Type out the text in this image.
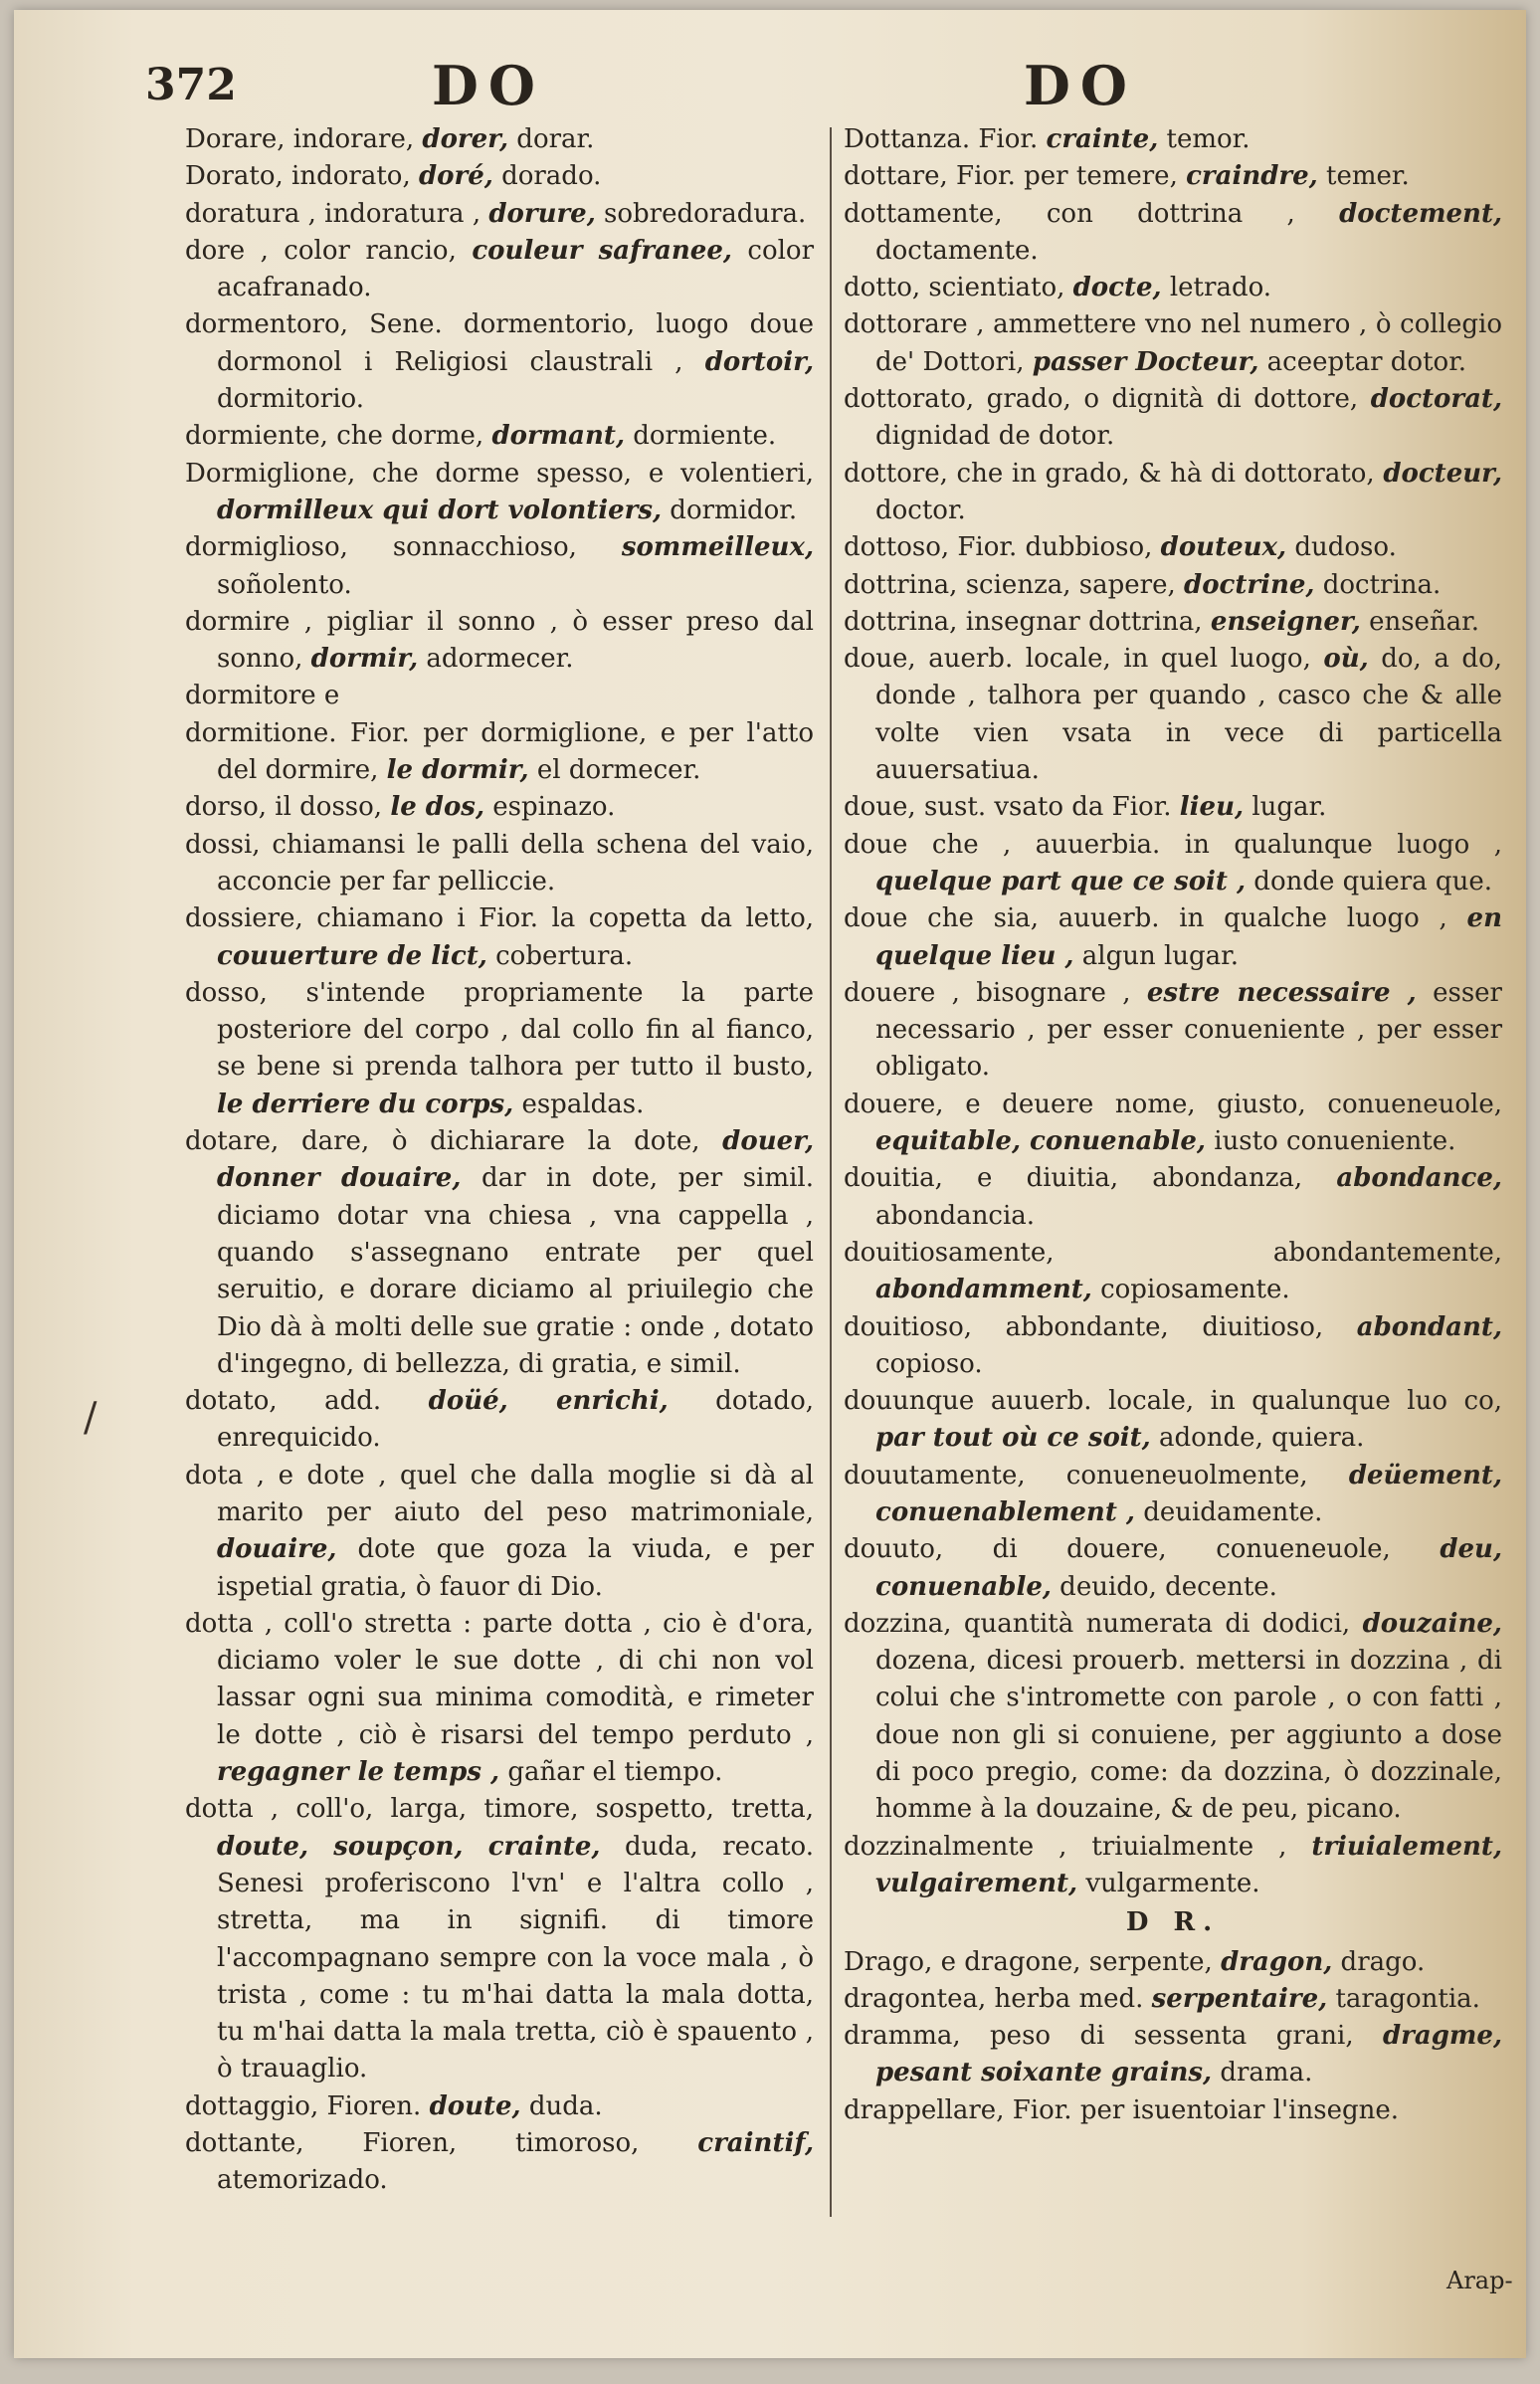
372	DO	DO

Dorare, indorare, dorer, dorar.

Dorato, indorato, doré, dorado.

doratura , indoratura , dorure, sobredoradura.

dore , color rancio, couleur safranee, color acafranado.

dormentoro, Sene. dormentorio, luogo doue dormonol i Religiosi claustrali , dortoir, dormitorio.

dormiente, che dorme, dormant, dormiente.

Dormiglione, che dorme spesso, e volentieri, dormilleux qui dort volontiers, dormidor.

dormigliosо, sonnacchioso, sommeilleux, soñolento.

dormire , pigliar il sonno , ò esser preso dal sonno, dormir, adormecer.

dormitore e

dormitione. Fior. per dormiglione, e per l'atto del dormire, le dormir, el dormecer.

dorso, il dosso, le dos, espinazo.

dossi, chiamansi le palli della schena del vaio, acconcie per far pelliccie.

dossiere, chiamano i Fior. la copetta da letto, couuerture de lict, cobertura.

dosso, s'intende propriamente la parte posteriore del corpo , dal collo fin al fianco, se bene si prenda talhora per tutto il busto, le derriere du corps, espaldas.

dotare, dare, ò dichiarare la dote, douer, donner douaire, dar in dote, per simil. diciamo dotar vna chiesa , vna cappella , quando s'assegnano entrate per quel seruitio, e dorare diciamo al priuilegio che Dio dà à molti delle sue gratie : onde , dotato d'ingegno, di bellezza, di gratia, e simil.

dotato, add. doüé, enrichi, dotado, enrequicido.

dota , e dote , quel che dalla moglie si dà al marito per aiuto del peso matrimoniale, douaire, dote que goza la viuda, e per ispetial gratia, ò fauor di Dio.

dotta , coll'o stretta : parte dotta , cio è d'ora, diciamo voler le sue dotte , di chi non vol lassar ogni sua minima comodità, e rimeter le dotte , ciò è risarsi del tempo perduto , regagner le temps , gañar el tiempo.

dotta , coll'o, larga, timore, sospetto, tretta, doute, soupçon, crainte, duda, recato. Senesi proferiscono l'vn' e l'altra collo , stretta, ma in signifi. di timore l'accompagnano sempre con la voce mala , ò trista , come : tu m'hai datta la mala dotta, tu m'hai datta la mala tretta, ciò è spauento , ò trauaglio.

dottaggio, Fioren. doute, duda.

dottante, Fioren, timoroso, craintif, atemorizado.

Dottanza. Fior. crainte, temor.

dottare, Fior. per temere, craindre, temer.

dottamente, con dottrina , doctement, doctamente.

dotto, scientiato, docte, letrado.

dottorare , ammettere vno nel numero , ò collegio de' Dottori, passer Docteur, aceeptar dotor.

dottorato, grado, o dignità di dottore, doctorat, dignidad de dotor.

dottore, che in grado, & hà di dottorato, docteur, doctor.

dottoso, Fior. dubbioso, douteux, dudoso.

dottrina, scienza, sapere, doctrine, doctrina.

dottrina, insegnar dottrina, enseigner, enseñar.

doue, auerb. locale, in quel luogo, où, do, a do, donde , talhora per quando , casco che & alle volte vien vsata in vece di particella auuersatiua.

doue, sust. vsato da Fior. lieu, lugar.

doue che , auuerbia. in qualunque luogo , quelque part que ce soit , donde quiera que.

doue che sia, auuerb. in qualche luogo , en quelque lieu , algun lugar.

douere , bisognare , estre necessaire , esser necessario , per esser conueniente , per esser obligato.

douere, e deuere nome, giusto, conueneuole, equitable, conuenable, iusto conueniente.

douitia, e diuitia, abondanza, abondance, abondancia.

douitiosamente, abondantemente, abondamment, copiosamente.

douitioso, abbondante, diuitioso, abondant, copioso.

douunque auuerb. locale, in qualunque luo co, par tout où ce soit, adonde, quiera.

douutamente, conueneuolmente, deüement, conuenablement , deuidamente.

douuto, di douere, conueneuole, deu, conuenable, deuido, decente.

dozzina, quantità numerata di dodici, douzaine, dozena, dicesi prouerb. mettersi in dozzina , di colui che s'intromette con parole , o con fatti , doue non gli si conuiene, per aggiunto a dose di poco pregio, come: da dozzina, ò dozzinale, homme à la douzaine, & de peu, picano.

dozzinalmente , triuialmente , triuialement, vulgairement, vulgarmente.

D R.

Drago, e dragone, serpente, dragon, drago.

dragontea, herba med. serpentaire, taragontia.

dramma, peso di sessenta grani, dragme, pesant soixante grains, drama.

drappellare, Fior. per isuentoiar l'insegne.

Arap-
/
